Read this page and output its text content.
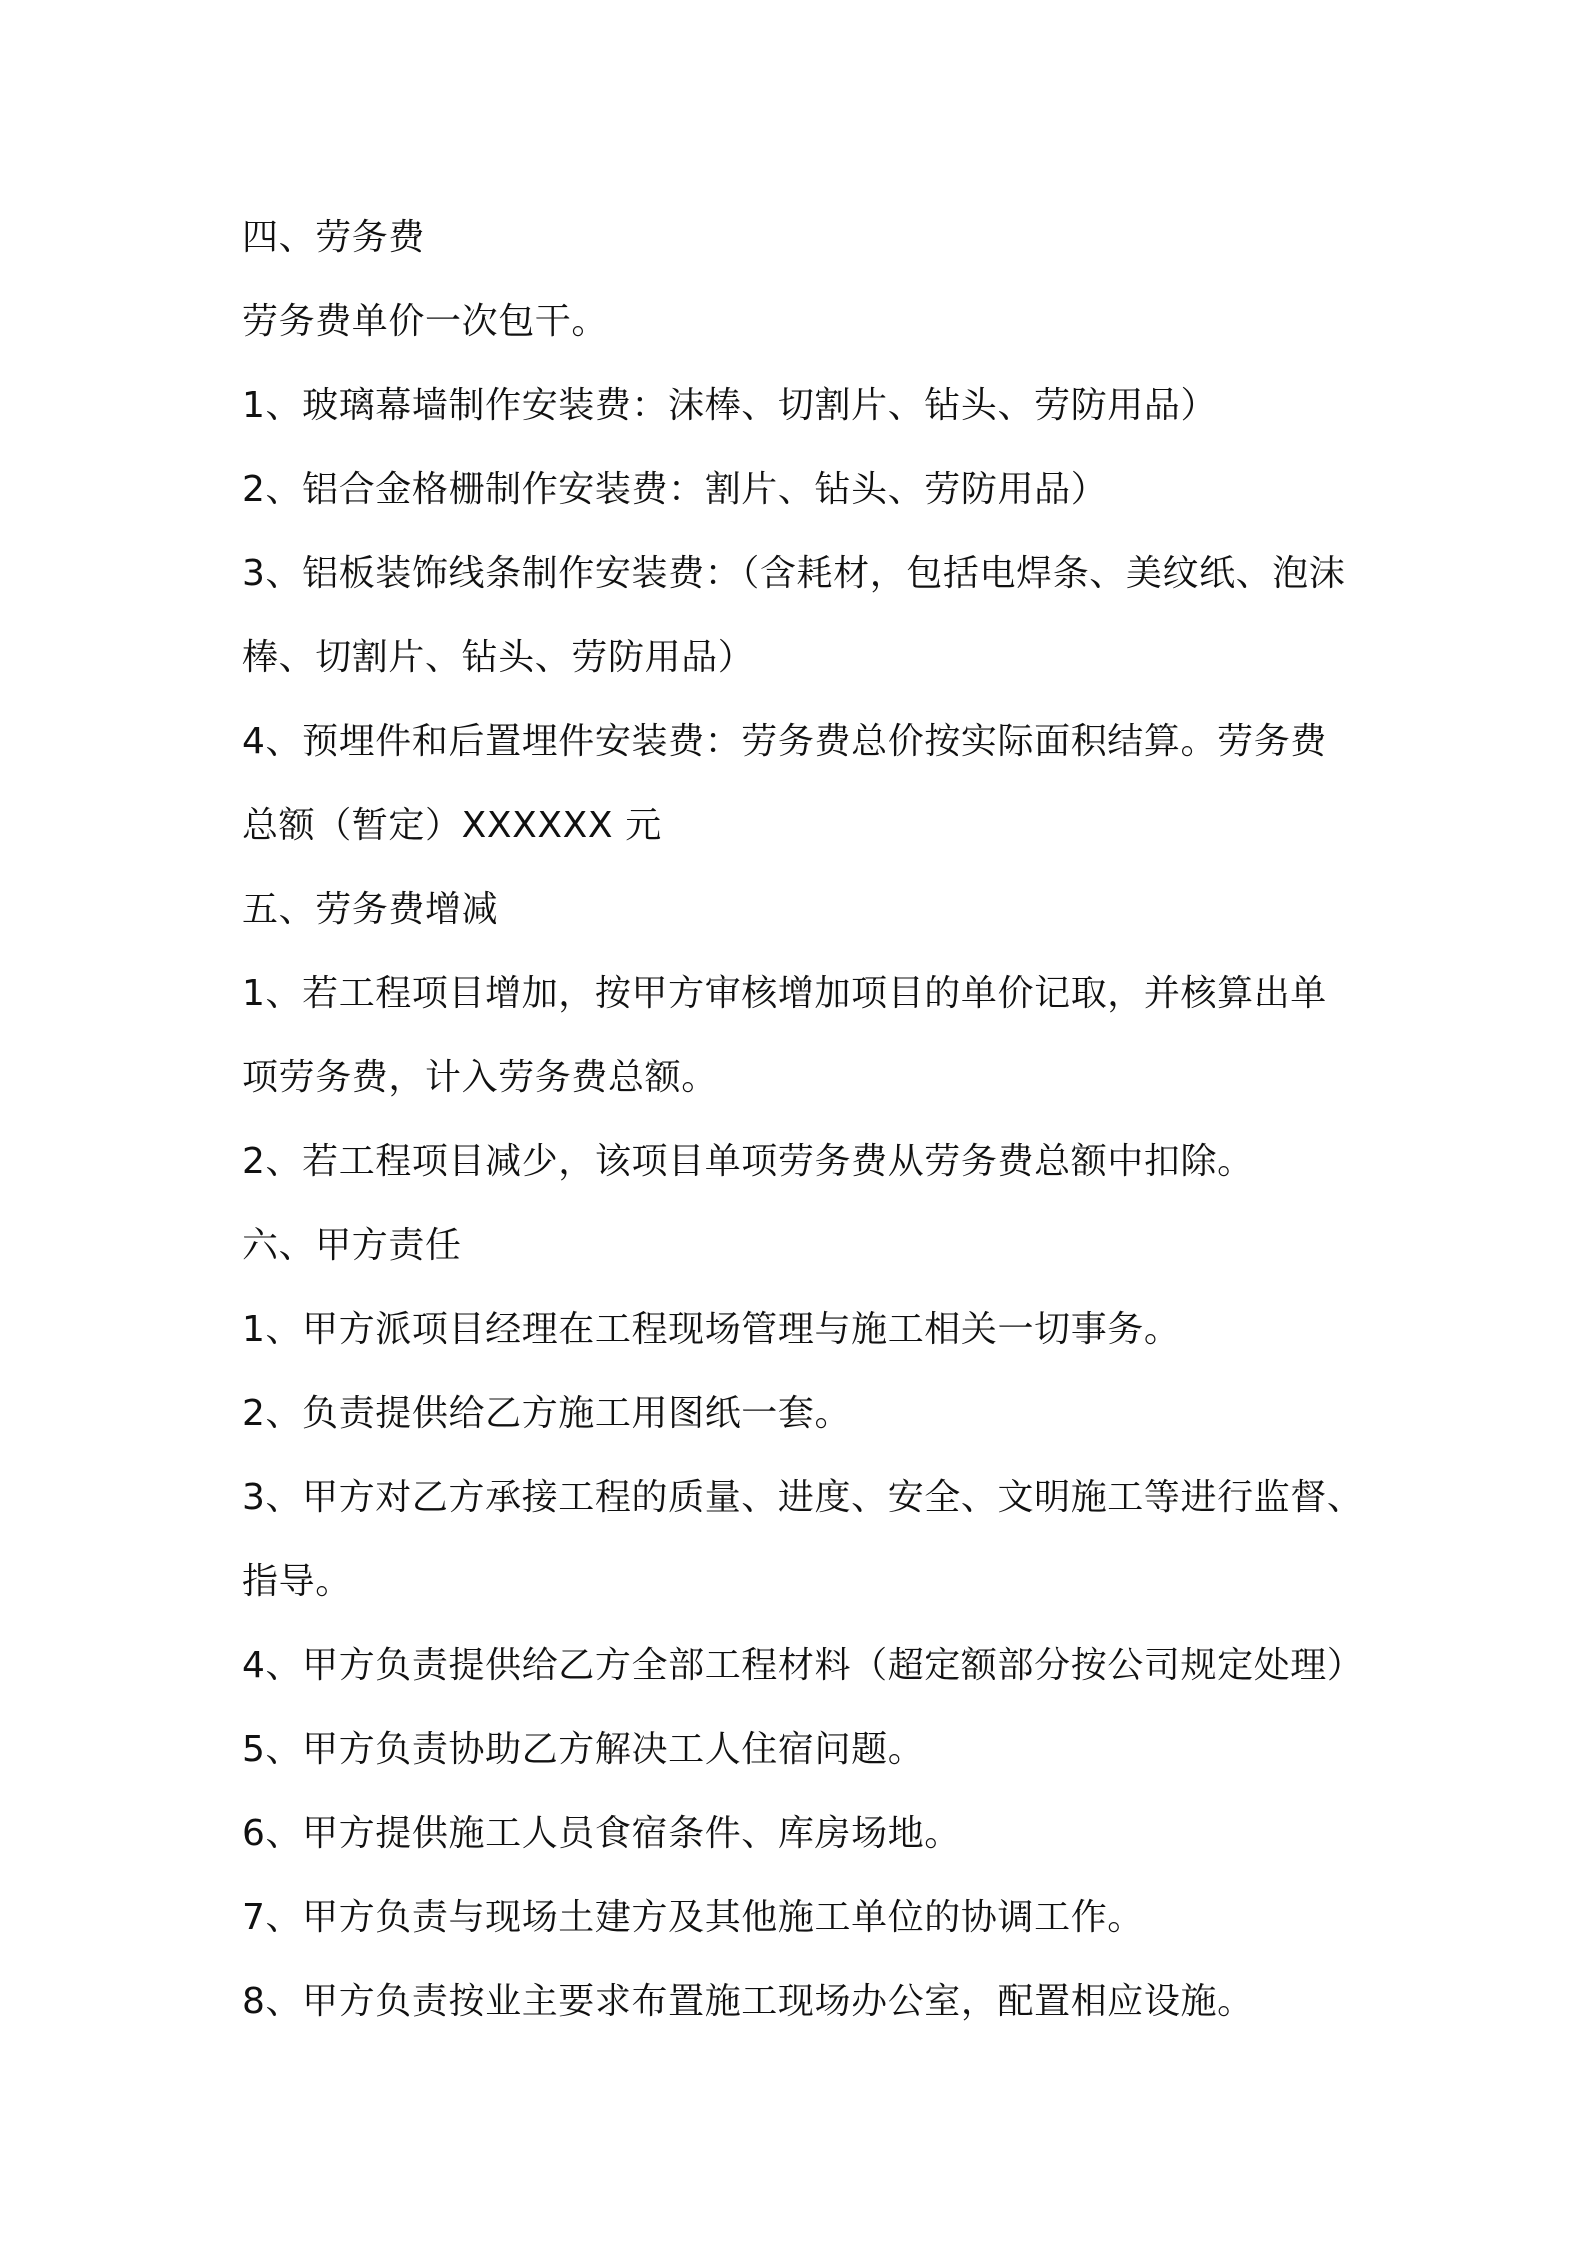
四、劳务费
劳务费单价一次包干。
1、玻璃幕墙制作安装费：沫棒、切割片、钻头、劳防用品）
2、铝合金格栅制作安装费：割片、钻头、劳防用品）
3、铝板装饰线条制作安装费：（含耗材，包括电焊条、美纹纸、泡沫
棒、切割片、钻头、劳防用品）
4、预埋件和后置埋件安装费：劳务费总价按实际面积结算。劳务费
总额（暂定）XXXXXX 元
五、劳务费增减
1、若工程项目增加，按甲方审核增加项目的单价记取，并核算出单
项劳务费，计入劳务费总额。
2、若工程项目减少，该项目单项劳务费从劳务费总额中扣除。
六、甲方责任
1、甲方派项目经理在工程现场管理与施工相关一切事务。
2、负责提供给乙方施工用图纸一套。
3、甲方对乙方承接工程的质量、进度、安全、文明施工等进行监督、
指导。
4、甲方负责提供给乙方全部工程材料（超定额部分按公司规定处理）
5、甲方负责协助乙方解决工人住宿问题。
6、甲方提供施工人员食宿条件、库房场地。
7、甲方负责与现场土建方及其他施工单位的协调工作。
8、甲方负责按业主要求布置施工现场办公室，配置相应设施。
